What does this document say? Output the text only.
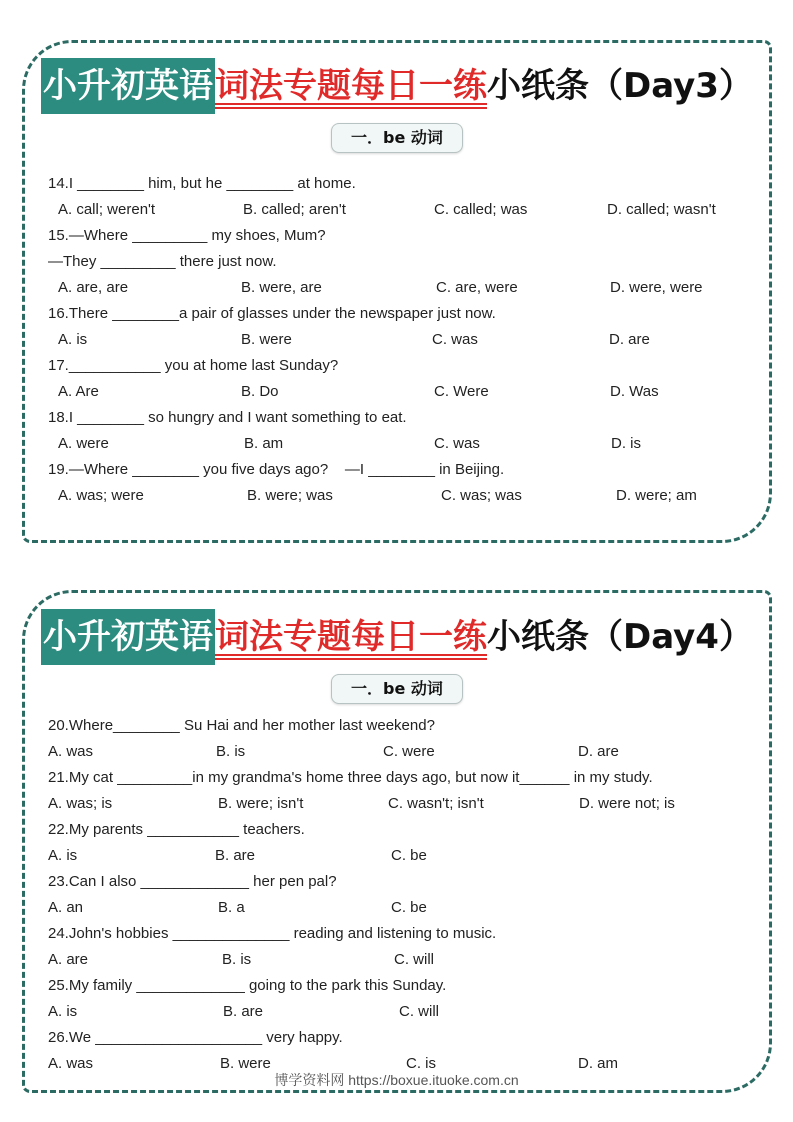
小升初英语词法专题每日一练小纸条（Day3）
一．be 动词

14.I ________ him, but he ________ at home.

A. call; weren't

	B. called; aren't

	C. called; was

	D. called; wasn't

15.—Where _________ my shoes, Mum?

—They _________ there just now.

A. are, are

	B. were, are

	C. are, were

	D. were, were

16.There ________a pair of glasses under the newspaper just now.

A. is

	B. were

	C. was

	D. are

17.___________ you at home last Sunday?

A. Are

	B. Do

	C. Were

	D. Was

18.I ________ so hungry and I want something to eat.

A. were

	B. am

	C. was

	D. is

19.—Where ________ you five days ago?    —I ________ in Beijing.

A. was; were

	B. were; was

	C. was; was

	D. were; am

小升初英语词法专题每日一练小纸条（Day4）
一．be 动词

20.Where________ Su Hai and her mother last weekend?

A. was

	B. is

	C. were

	D. are

21.My cat _________in my grandma's home three days ago, but now it______ in my study.

A. was; is

	B. were; isn't

	C. wasn't; isn't

	D. were not; is

22.My parents ___________ teachers.

A. is

	B. are

	C. be

23.Can I also _____________ her pen pal?

A. an

	B. a

	C. be

24.John's hobbies ______________ reading and listening to music.

A. are

	B. is

	C. will

25.My family _____________ going to the park this Sunday.

A. is

	B. are

	C. will

26.We ____________________ very happy.

A. was

	B. were

	C. is

	D. am

博学资料网 https://boxue.ituoke.com.cn
